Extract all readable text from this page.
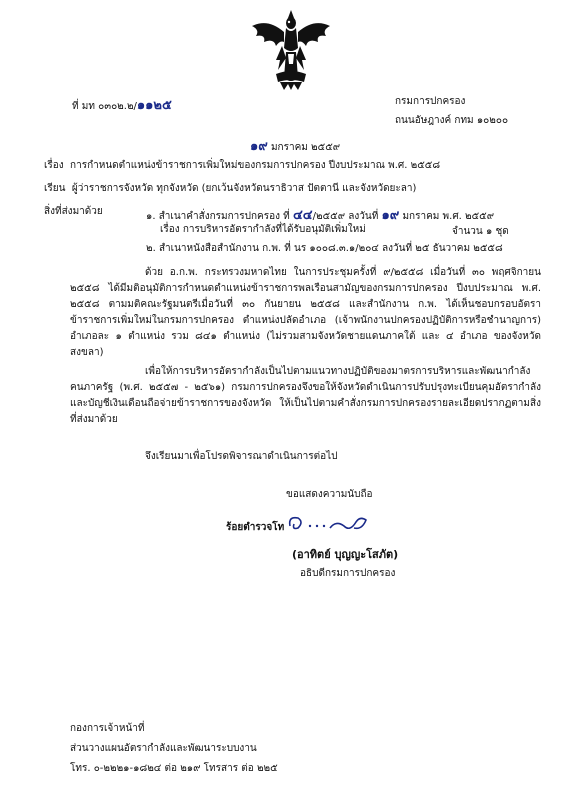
ที่ มท ๐๓๐๒.๒/๑๑๒๕	กรมการปกครอง
ถนนอัษฎางค์ กทม ๑๐๒๐๐
๑๙ มกราคม ๒๕๕๙
เรื่อง การกำหนดตำแหน่งข้าราชการเพิ่มใหม่ของกรมการปกครอง ปีงบประมาณ พ.ศ. ๒๕๕๘
เรียน ผู้ว่าราชการจังหวัด ทุกจังหวัด (ยกเว้นจังหวัดนราธิวาส ปัตตานี และจังหวัดยะลา)
สิ่งที่ส่งมาด้วย	๑. สำเนาคำสั่งกรมการปกครอง ที่ ๔๔/๒๕๕๙ ลงวันที่ ๑๙ มกราคม พ.ศ. ๒๕๕๙
เรื่อง การบริหารอัตรากำลังที่ได้รับอนุมัติเพิ่มใหม่	จำนวน ๑ ชุด
๒. สำเนาหนังสือสำนักงาน ก.พ. ที่ นร ๑๐๐๘.๓.๑/๒๐๔ ลงวันที่ ๒๕ ธันวาคม ๒๕๕๘
ด้วย อ.ก.พ. กระทรวงมหาดไทย ในการประชุมครั้งที่ ๙/๒๕๕๘ เมื่อวันที่ ๓๐ พฤศจิกายน ๒๕๕๘ ได้มีมติอนุมัติการกำหนดตำแหน่งข้าราชการพลเรือนสามัญของกรมการปกครอง ปีงบประมาณ พ.ศ. ๒๕๕๘ ตามมติคณะรัฐมนตรีเมื่อวันที่ ๓๐ กันยายน ๒๕๕๘ และสำนักงาน ก.พ. ได้เห็นชอบกรอบอัตราข้าราชการเพิ่มใหม่ในกรมการปกครอง ตำแหน่งปลัดอำเภอ (เจ้าพนักงานปกครองปฏิบัติการหรือชำนาญการ) อำเภอละ ๑ ตำแหน่ง รวม ๘๔๑ ตำแหน่ง (ไม่รวมสามจังหวัดชายแดนภาคใต้ และ ๔ อำเภอ ของจังหวัดสงขลา)
เพื่อให้การบริหารอัตรากำลังเป็นไปตามแนวทางปฏิบัติของมาตรการบริหารและพัฒนากำลังคนภาครัฐ (พ.ศ. ๒๕๕๗ - ๒๕๖๑) กรมการปกครองจึงขอให้จังหวัดดำเนินการปรับปรุงทะเบียนคุมอัตรากำลังและบัญชีเงินเดือนถือจ่ายข้าราชการของจังหวัด ให้เป็นไปตามคำสั่งกรมการปกครองรายละเอียดปรากฏตามสิ่งที่ส่งมาด้วย
จึงเรียนมาเพื่อโปรดพิจารณาดำเนินการต่อไป
ขอแสดงความนับถือ
ร้อยตำรวจโท
(อาทิตย์ บุญญะโสภัต)
อธิบดีกรมการปกครอง
กองการเจ้าหน้าที่
ส่วนวางแผนอัตรากำลังและพัฒนาระบบงาน
โทร. ๐-๒๒๒๑-๑๘๒๔ ต่อ ๒๑๙ โทรสาร ต่อ ๒๒๕
